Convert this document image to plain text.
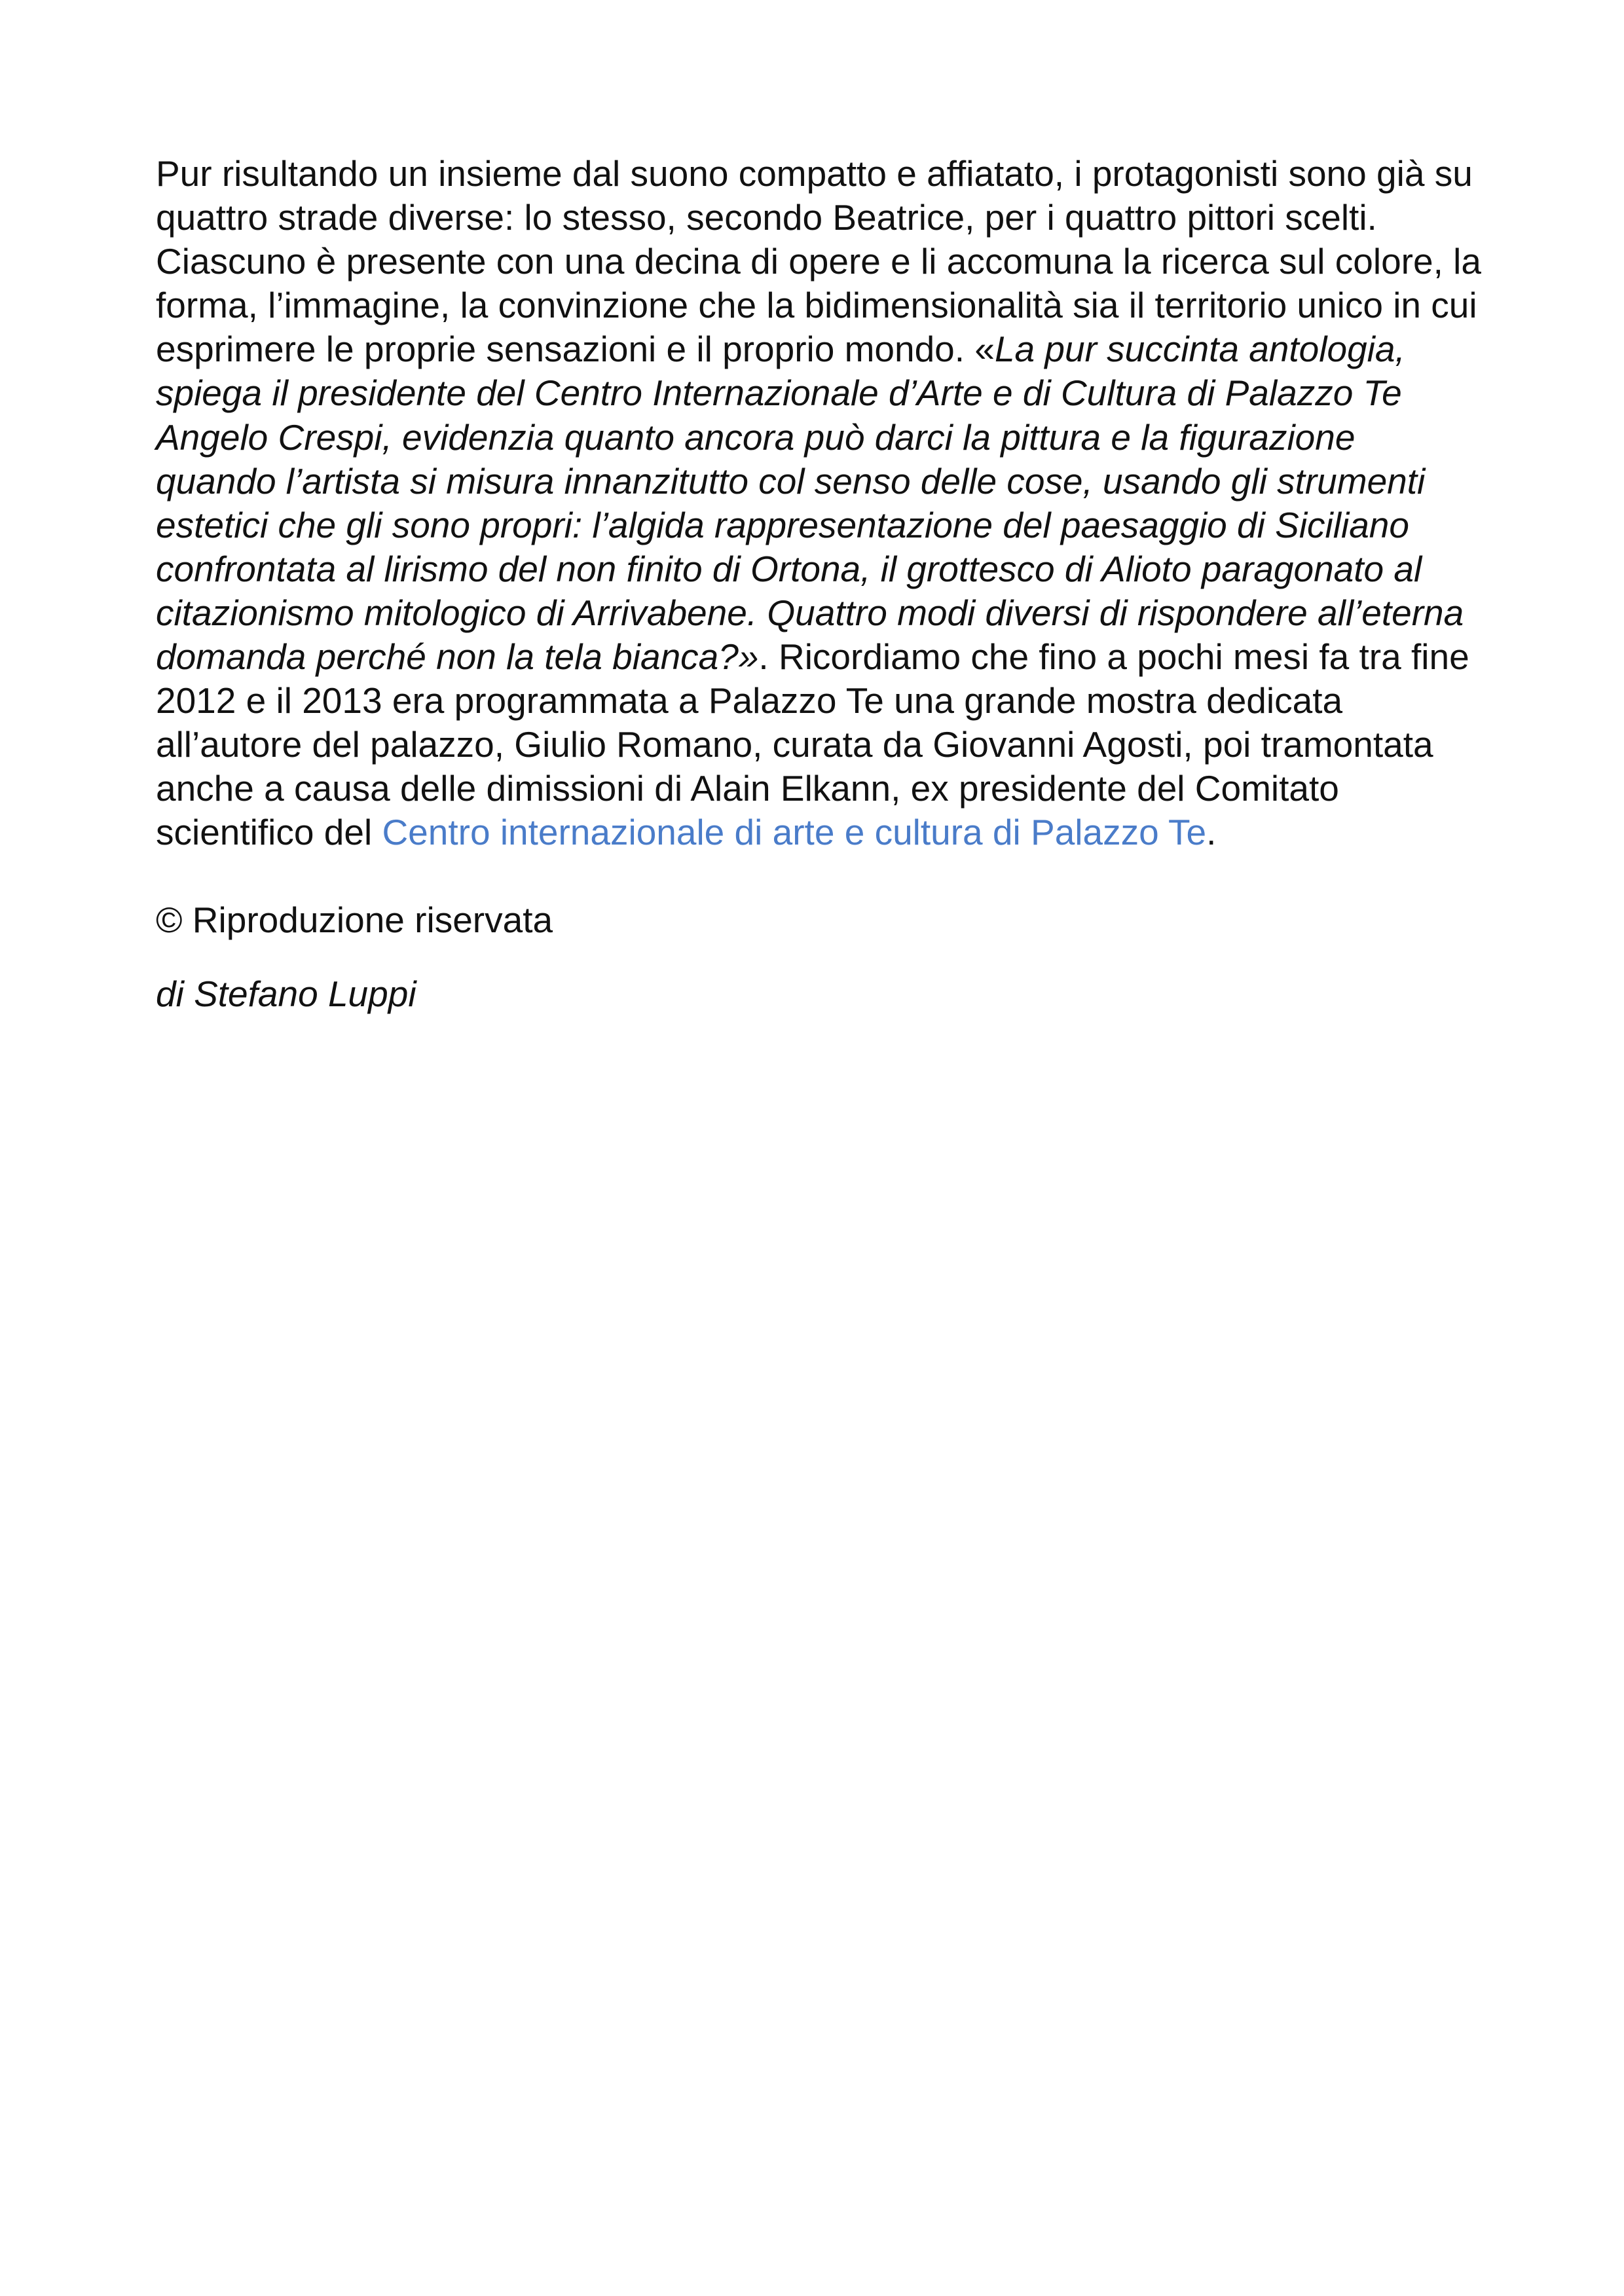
Pur risultando un insieme dal suono compatto e affiatato, i protagonisti sono già su quattro strade diverse: lo stesso, secondo Beatrice, per i quattro pittori scelti. Ciascuno è presente con una decina di opere e li accomuna la ricerca sul colore, la forma, l’immagine, la convinzione che la bidimensionalità sia il territorio unico in cui esprimere le proprie sensazioni e il proprio mondo. «La pur succinta antologia, spiega il presidente del Centro Internazionale d’Arte e di Cultura di Palazzo Te Angelo Crespi, evidenzia quanto ancora può darci la pittura e la figurazione quando l’artista si misura innanzitutto col senso delle cose, usando gli strumenti estetici che gli sono propri: l’algida rappresentazione del paesaggio di Siciliano confrontata al lirismo del non finito di Ortona, il grottesco di Alioto paragonato al citazionismo mitologico di Arrivabene. Quattro modi diversi di rispondere all’eterna domanda perché non la tela bianca?». Ricordiamo che fino a pochi mesi fa tra fine 2012 e il 2013 era programmata a Palazzo Te una grande mostra dedicata all’autore del palazzo, Giulio Romano, curata da Giovanni Agosti, poi tramontata anche a causa delle dimissioni di Alain Elkann, ex presidente del Comitato scientifico del Centro internazionale di arte e cultura di Palazzo Te.

© Riproduzione riservata

di Stefano Luppi
